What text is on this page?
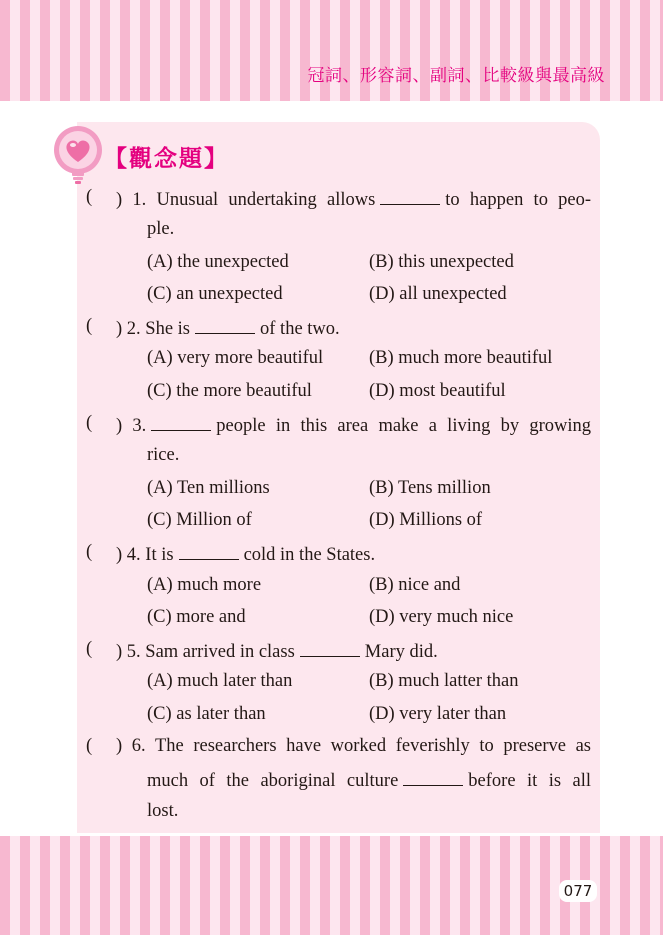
冠詞、形容詞、副詞、比較級與最高級
【觀念題】
( ) 1. Unusual undertaking allows	to happen to peo-
ple.
(A) the unexpected	(B) this unexpected
(C) an unexpected	(D) all unexpected
( ) 2. She is	of the two.
(A) very more beautiful (B) much more beautiful
(C) the more beautiful	(D) most beautiful
( ) 3.	people in this area make a living by growing
rice.
(A) Ten millions	(B) Tens million
(C) Million of	(D) Millions of
( ) 4. It is	cold in the States.
(A) much more	(B) nice and
(C) more and	(D) very much nice
( ) 5. Sam arrived in class	Mary did.
(A) much later than	(B) much latter than
(C) as later than	(D) very later than
( ) 6. The researchers have worked feverishly to preserve as
much of the aboriginal culture	before it is all
lost.
077
